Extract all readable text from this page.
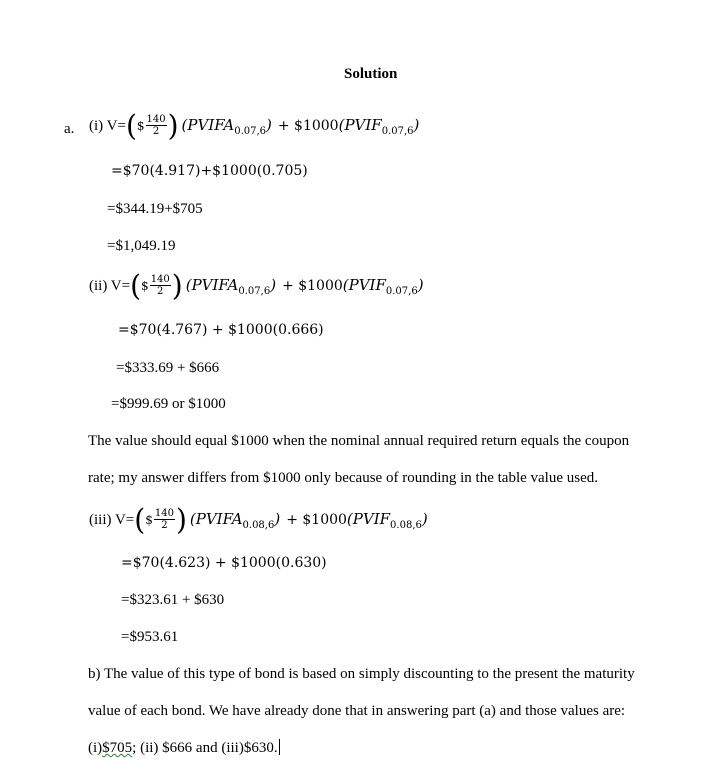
Solution
a. (i) V= ( $ $\frac{140}{2}$ ) $(PVIFA_{0.07,6})$ + $1000 $(PVIF_{0.07,6})$
=$70(4.917)+$1000(0.705)
=$344.19+$705
=$1,049.19
(ii) V= ( $ $\frac{140}{2}$ ) $(PVIFA_{0.07,6})$ + $1000 $(PVIF_{0.07,6})$
=$70(4.767) + $1000(0.666)
=$333.69 + $666
=$999.69 or $1000
The value should equal $1000 when the nominal annual required return equals the coupon
rate; my answer differs from $1000 only because of rounding in the table value used.
(iii) V= ( $ $\frac{140}{2}$ ) $(PVIFA_{0.08,6})$ + $1000 $(PVIF_{0.08,6})$
=$70(4.623) + $1000(0.630)
=$323.61 + $630
=$953.61
b) The value of this type of bond is based on simply discounting to the present the maturity
value of each bond. We have already done that in answering part (a) and those values are:
(i)$705; (ii) $666 and (iii)$630.
